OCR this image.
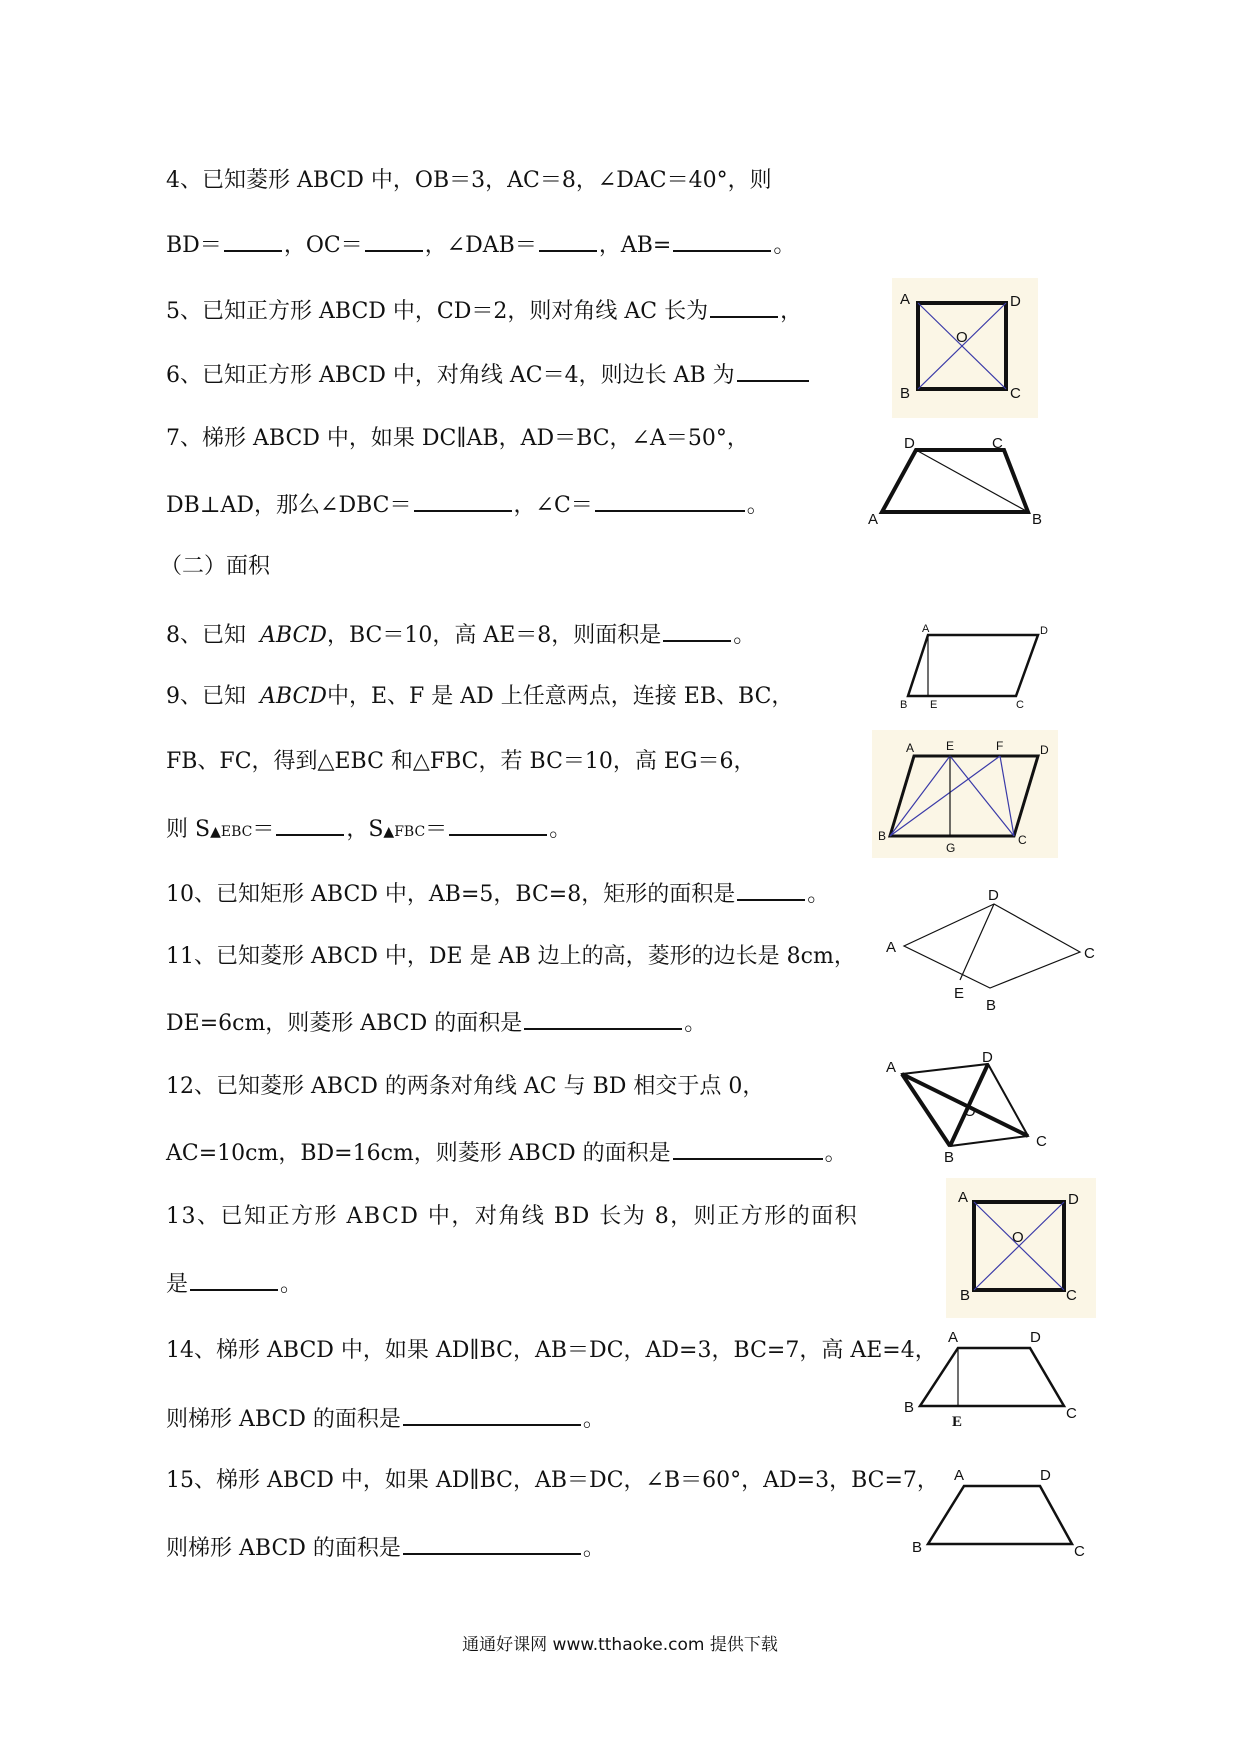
4、已知菱形 ABCD 中，OB＝3，AC＝8，∠DAC＝40°，则
BD＝	，OC＝	，∠DAB＝	，AB=	。
5、已知正方形 ABCD 中，CD＝2，则对角线 AC 长为	，
6、已知正方形 ABCD 中，对角线 AC＝4，则边长 AB 为
7、梯形 ABCD 中，如果 DC∥AB，AD＝BC，∠A＝50°，
DB⊥AD，那么∠DBC＝	，∠C＝	。
（二）面积
8、已知 ABCD，BC＝10，高 AE＝8，则面积是	。
9、已知 ABCD中，E、F 是 AD 上任意两点，连接 EB、BC，
FB、FC，得到△EBC 和△FBC，若 BC＝10，高 EG＝6，
则 S▲EBC＝	，S▲FBC＝	。
10、已知矩形 ABCD 中，AB=5，BC=8，矩形的面积是	。
11、已知菱形 ABCD 中，DE 是 AB 边上的高，菱形的边长是 8cm，
DE=6cm，则菱形 ABCD 的面积是	。
12、已知菱形 ABCD 的两条对角线 AC 与 BD 相交于点 0，
AC=10cm，BD=16cm，则菱形 ABCD 的面积是	。
13、已知正方形 ABCD 中，对角线 BD 长为 8，则正方形的面积
是	。
14、梯形 ABCD 中，如果 AD∥BC，AB＝DC，AD=3，BC=7，高 AE=4，
则梯形 ABCD 的面积是	。
15、梯形 ABCD 中，如果 AD∥BC，AB＝DC，∠B＝60°，AD=3，BC=7，
则梯形 ABCD 的面积是	。
A	D
O
B	C
D	C
A	B
A	D
B E	C
A	E	F	D
B
G
C
D
A	C
E
B
A
D
O
B
C
A	D
O
B	C
A	D
B	C
E
A	D
B	C
通通好课网 www.tthaoke.com 提供下载
